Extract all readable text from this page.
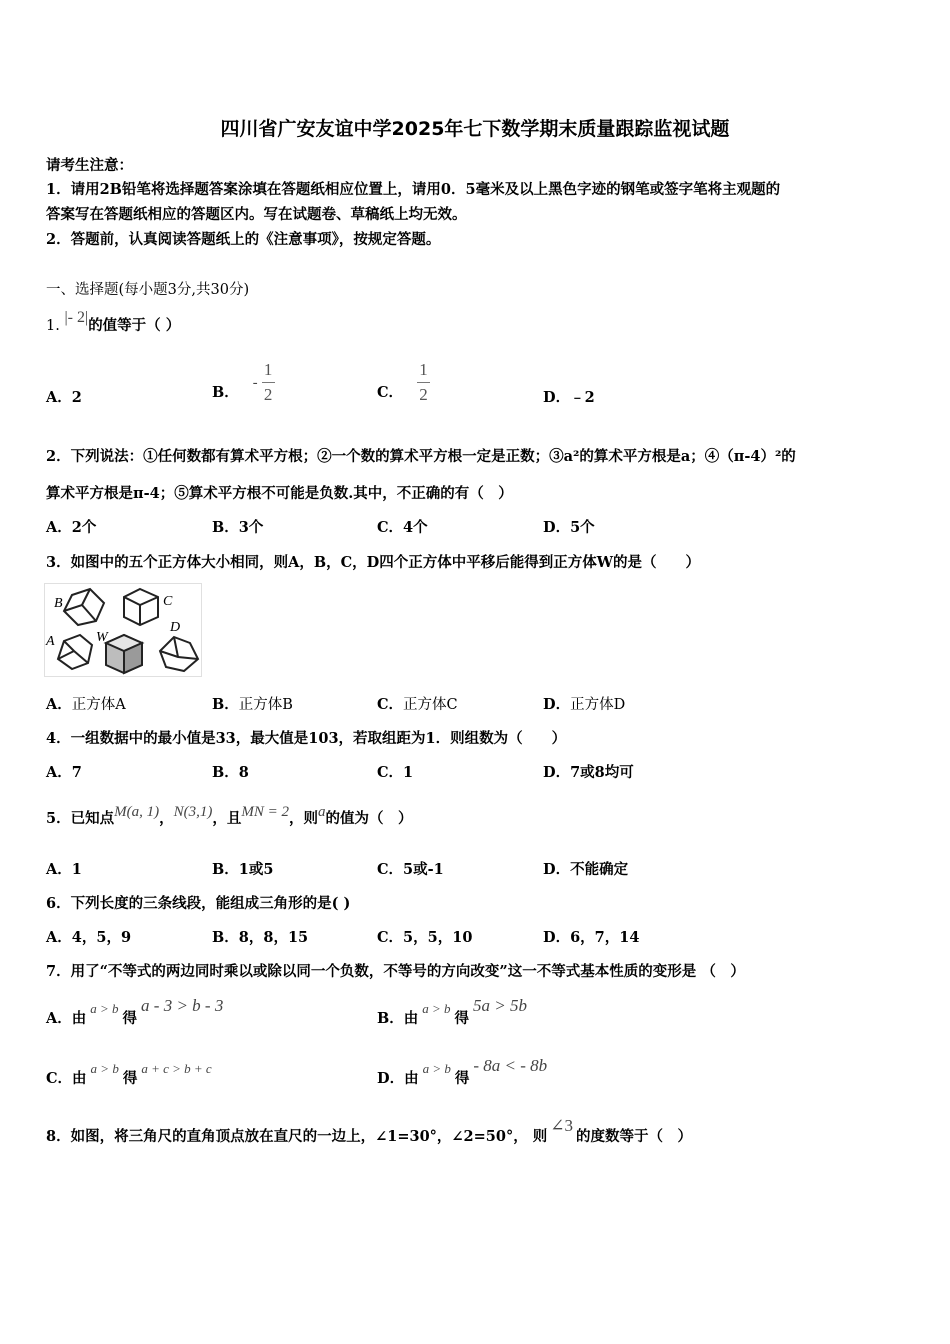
四川省广安友谊中学2025年七下数学期末质量跟踪监视试题
请考生注意：
1．请用2B铅笔将选择题答案涂填在答题纸相应位置上，请用0．5毫米及以上黑色字迹的钢笔或签字笔将主观题的
答案写在答题纸相应的答题区内。写在试题卷、草稿纸上均无效。
2．答题前，认真阅读答题纸上的《注意事项》，按规定答题。
一、选择题(每小题3分,共30分)
1. |- 2|的值等于（ ）
A．2	B．- $\frac{1}{2}$	C． $\frac{1}{2}$	D．﹣2
2．下列说法：①任何数都有算术平方根；②一个数的算术平方根一定是正数；③a²的算术平方根是a；④（π-4）²的
算术平方根是π-4；⑤算术平方根不可能是负数.其中，不正确的有（　）
A．2个	B．3个	C．4个	D．5个
3．如图中的五个正方体大小相同，则A，B，C，D四个正方体中平移后能得到正方体W的是（　　）
B	C
A	W
D
A．正方体A	B．正方体B	C．正方体C	D．正方体D
4．一组数据中的最小值是33，最大值是103，若取组距为1．则组数为（　　）
A．7	B．8	C．1	D．7或8均可
5．已知点M(a, 1)，N(3,1)，且MN = 2，则a的值为（　）
A．1	B．1或5	C．5或-1	D．不能确定
6．下列长度的三条线段，能组成三角形的是( )
A．4，5，9	B．8，8，15	C．5，5，10	D．6，7，14
7．用了“不等式的两边同时乘以或除以同一个负数，不等号的方向改变”这一不等式基本性质的变形是 （　）
A．由a > b得a - 3 > b - 3
B．由a > b得5a > 5b
C．由a > b得a + c > b + c
D．由a > b得- 8a < - 8b
8．如图，将三角尺的直角顶点放在直尺的一边上，∠1=30°，∠2=50°， 则∠3的度数等于（　）
